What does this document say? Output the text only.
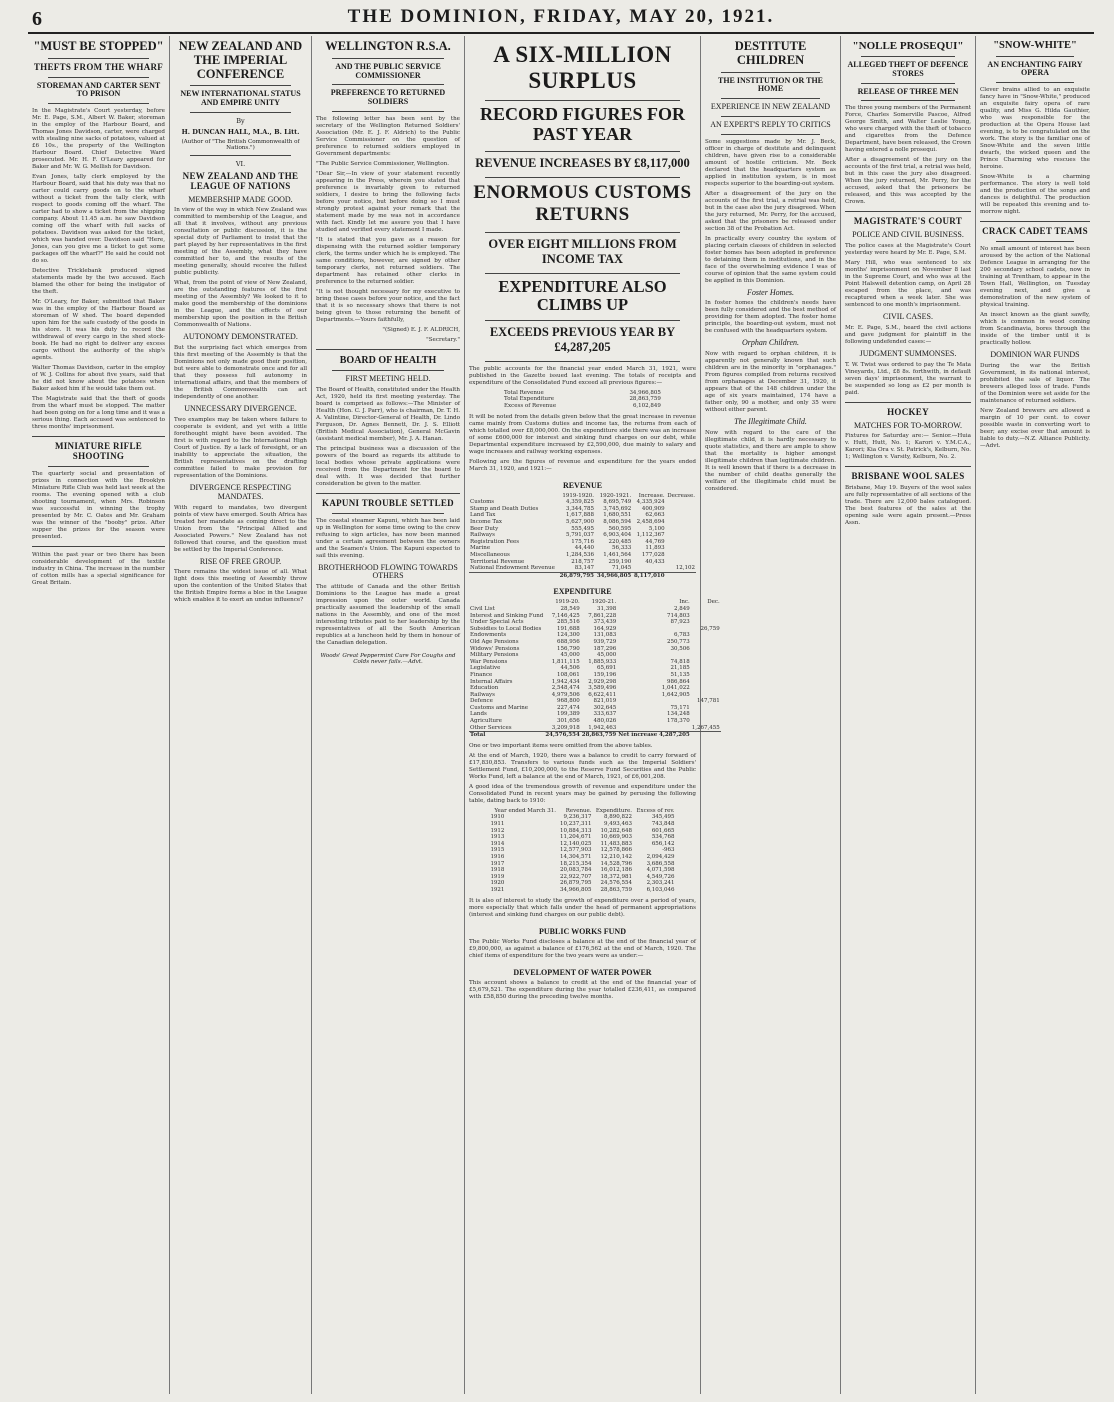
6	THE DOMINION, FRIDAY, MAY 20, 1921.
"MUST BE STOPPED"
THEFTS FROM THE WHARF
STOREMAN AND CARTER SENT TO PRISON

In the Magistrate's Court yesterday, before Mr. E. Page, S.M., Albert W. Baker, storeman in the employ of the Harbour Board, and Thomas Jones Davidson, carter, were charged with stealing nine sacks of potatoes, valued at £6 10s., the property of the Wellington Harbour Board. Chief Detective Ward prosecuted. Mr. H. F. O'Leary appeared for Baker and Mr. W. G. Mellish for Davidson.

Evan Jones, tally clerk employed by the Harbour Board, said that his duty was that no carter could carry goods on to the wharf without a ticket from the tally clerk, with respect to goods coming off the wharf. The carter had to show a ticket from the shipping company. About 11.45 a.m. he saw Davidson coming off the wharf with full sacks of potatoes. Davidson was asked for the ticket, which was handed over. Davidson said "Here, Jones, can you give me a ticket to get some packages off the wharf?" He said he could not do so.

Detective Tricklebank produced signed statements made by the two accused. Each blamed the other for being the instigator of the theft.

Mr. O'Leary, for Baker, submitted that Baker was in the employ of the Harbour Board as storeman of W shed. The board depended upon him for the safe custody of the goods in his store. It was his duty to record the withdrawal of every cargo in the shed stock-book. He had no right to deliver any excess cargo without the authority of the ship's agents.

Walter Thomas Davidson, carter in the employ of W. J. Collins for about five years, said that he did not know about the potatoes when Baker asked him if he would take them out.

The Magistrate said that the theft of goods from the wharf must be stopped. The matter had been going on for a long time and it was a serious thing. Each accused was sentenced to three months' imprisonment.

MINIATURE RIFLE SHOOTING

The quarterly social and presentation of prizes in connection with the Brooklyn Miniature Rifle Club was held last week at the rooms. The evening opened with a club shooting tournament, when Mrs. Robinson was successful in winning the trophy presented by Mr. C. Oates and Mr. Graham was the winner of the "booby" prize. After supper the prizes for the season were presented.

Within the past year or two there has been considerable development of the textile industry in China. The increase in the number of cotton mills has a special significance for Great Britain.

NEW ZEALAND AND THE IMPERIAL CONFERENCE
NEW INTERNATIONAL STATUS AND EMPIRE UNITY
By
H. DUNCAN HALL, M.A., B. Litt.
(Author of "The British Commonwealth of Nations.")
VI.
NEW ZEALAND AND THE LEAGUE OF NATIONS
MEMBERSHIP MADE GOOD.

In view of the way in which New Zealand was committed to membership of the League, and all that it involves, without any previous consultation or public discussion, it is the special duty of Parliament to insist that the part played by her representatives in the first meeting of the Assembly, what they have committed her to, and the results of the meeting generally, should receive the fullest public publicity.

What, from the point of view of New Zealand, are the outstanding features of the first meeting of the Assembly? We looked to it to make good the membership of the dominions in the League, and the effects of our membership upon the position in the British Commonwealth of Nations.

AUTONOMY DEMONSTRATED.

But the surprising fact which emerges from this first meeting of the Assembly is that the Dominions not only made good their position, but were able to demonstrate once and for all that they possess full autonomy in international affairs, and that the members of the British Commonwealth can act independently of one another.

UNNECESSARY DIVERGENCE.

Two examples may be taken where failure to cooperate is evident, and yet with a little forethought might have been avoided. The first is with regard to the International High Court of Justice. By a lack of foresight, or an inability to appreciate the situation, the British representatives on the drafting committee failed to make provision for representation of the Dominions.

DIVERGENCE RESPECTING MANDATES.

With regard to mandates, two divergent points of view have emerged. South Africa has treated her mandate as coming direct to the Union from the "Principal Allied and Associated Powers." New Zealand has not followed that course, and the question must be settled by the Imperial Conference.

RISE OF FREE GROUP.

There remains the widest issue of all. What light does this meeting of Assembly throw upon the contention of the United States that the British Empire forms a bloc in the League which enables it to exert an undue influence?

WELLINGTON R.S.A.
AND THE PUBLIC SERVICE COMMISSIONER
PREFERENCE TO RETURNED SOLDIERS

The following letter has been sent by the secretary of the Wellington Returned Soldiers' Association (Mr. E. J. F. Aldrich) to the Public Service Commissioner on the question of preference to returned soldiers employed in Government departments:

"The Public Service Commissioner, Wellington.

"Dear Sir,—In view of your statement recently appearing in the Press, wherein you stated that preference is invariably given to returned soldiers, I desire to bring the following facts before your notice, but before doing so I must strongly protest against your remark that the statement made by me was not in accordance with fact. Kindly let me assure you that I have studied and verified every statement I made.

"It is stated that you gave as a reason for dispensing with the returned soldier temporary clerk, the terms under which he is employed. The same conditions, however, are signed by other temporary clerks, not returned soldiers. The department has retained other clerks in preference to the returned soldier.

"It is not thought necessary for my executive to bring these cases before your notice, and the fact that it is so necessary shows that there is not being given to those returning the benefit of Departments.—Yours faithfully,

"(Signed) E. J. F. ALDRICH,

"Secretary."

BOARD OF HEALTH
FIRST MEETING HELD.

The Board of Health, constituted under the Health Act, 1920, held its first meeting yesterday. The board is comprised as follows:—The Minister of Health (Hon. C. J. Parr), who is chairman, Dr. T. H. A. Valintine, Director-General of Health, Dr. Lindo Ferguson, Dr. Agnes Bennett, Dr. J. S. Elliott (British Medical Association), General McGavin (assistant medical member), Mr. J. A. Hanan.

The principal business was a discussion of the powers of the board as regards its attitude to local bodies whose private applications were received from the Department for the board to deal with. It was decided that further consideration be given to the matter.

KAPUNI TROUBLE SETTLED

The coastal steamer Kapuni, which has been laid up in Wellington for some time owing to the crew refusing to sign articles, has now been manned under a certain agreement between the owners and the Seamen's Union. The Kapuni expected to sail this evening.

BROTHERHOOD FLOWING TOWARDS OTHERS

The attitude of Canada and the other British Dominions to the League has made a great impression upon the outer world. Canada practically assumed the leadership of the small nations in the Assembly, and one of the most interesting tributes paid to her leadership by the representatives of all the South American republics at a luncheon held by them in honour of the Canadian delegation.

Woods' Great Peppermint Cure For Coughs and Colds never fails.—Advt.
A SIX-MILLION SURPLUS
RECORD FIGURES FOR PAST YEAR
REVENUE INCREASES BY £8,117,000
ENORMOUS CUSTOMS RETURNS
OVER EIGHT MILLIONS FROM INCOME TAX
EXPENDITURE ALSO CLIMBS UP
EXCEEDS PREVIOUS YEAR BY £4,287,205

The public accounts for the financial year ended March 31, 1921, were published in the Gazette issued last evening. The totals of receipts and expenditure of the Consolidated Fund exceed all previous figures:—

Total Revenue	34,966,805
Total Expenditure	28,863,759
Excess of Revenue	6,102,849

It will be noted from the details given below that the great increase in revenue came mainly from Customs duties and income tax, the returns from each of which totalled over £8,000,000. On the expenditure side there was an increase of some £600,000 for interest and sinking fund charges on our debt, while Departmental expenditure increased by £2,590,000, due mainly to salary and wage increases and railway working expenses.

Following are the figures of revenue and expenditure for the years ended March 31, 1920, and 1921:—

REVENUE
	1919-1920.	1920-1921.	Increase.	Decrease.
Customs	4,359,825	8,695,749	4,335,924	
Stamp and Death Duties	3,344,785	3,745,692	400,909	
Land Tax	1,617,888	1,680,551	62,663	
Income Tax	5,627,900	8,086,594	2,458,694	
Beer Duty	555,495	560,595	5,100	
Railways	5,791,037	6,903,404	1,112,367	
Registration Fees	175,716	220,485	44,769	
Marine	44,440	56,333	11,893	
Miscellaneous	1,284,536	1,461,564	177,028	
Territorial Revenue	218,757	259,190	40,433	
National Endowment Revenue	83,147	71,045		12,102
	26,879,795	34,966,805	8,117,010	
EXPENDITURE
	1919-20.	1920-21.	Inc.	Dec.
Civil List	28,549	31,398	2,849	
Interest and Sinking Fund	7,146,425	7,861,228	714,803	
Under Special Acts	285,516	373,439	87,923	
Subsidies to Local Bodies	191,688	164,929		26,759
Endowments	124,300	131,083	6,783	
Old Age Pensions	688,956	939,729	250,773	
Widows' Pensions	156,790	187,296	30,506	
Military Pensions	45,000	45,000		
War Pensions	1,811,115	1,885,933	74,818	
Legislative	44,506	65,691	21,185	
Finance	108,061	159,196	51,135	
Internal Affairs	1,942,434	2,929,298	986,864	
Education	2,548,474	3,589,496	1,041,022	
Railways	4,979,506	6,622,411	1,642,905	
Defence	968,800	821,019		147,781
Customs and Marine	227,474	302,645	75,171	
Lands	199,389	333,637	134,248	
Agriculture	301,656	480,026	178,370	
Other Services	3,209,918	1,942,463		1,267,455
Total	24,576,554	28,863,759	Net increase 4,287,205	

One or two important items were omitted from the above tables.

At the end of March, 1920, there was a balance to credit to carry forward of £17,830,853. Transfers to various funds such as the Imperial Soldiers' Settlement Fund, £10,200,000, to the Reserve Fund Securities and the Public Works Fund, left a balance at the end of March, 1921, of £6,001,208.

A good idea of the tremendous growth of revenue and expenditure under the Consolidated Fund in recent years may be gained by perusing the following table, dating back to 1910:

Year ended March 31.	Revenue.	Expenditure.	Excess of rev.
1910	9,236,317	8,890,822	345,495
1911	10,237,311	9,493,463	743,848
1912	10,884,313	10,282,648	601,665
1913	11,204,671	10,669,903	534,768
1914	12,140,025	11,483,883	656,142
1915	12,577,903	12,578,866	-963
1916	14,304,571	12,210,142	2,094,429
1917	18,215,354	14,528,796	3,686,558
1918	20,083,784	16,012,186	4,071,598
1919	22,922,707	18,372,981	4,549,726
1920	26,879,795	24,576,554	2,303,241
1921	34,966,805	28,863,759	6,103,046

It is also of interest to study the growth of expenditure over a period of years, more especially that which falls under the head of permanent appropriations (interest and sinking fund charges on our public debt).

PUBLIC WORKS FUND

The Public Works Fund discloses a balance at the end of the financial year of £9,800,000, as against a balance of £176,562 at the end of March, 1920. The chief items of expenditure for the two years were as under:—

DEVELOPMENT OF WATER POWER

This account shows a balance to credit at the end of the financial year of £5,679,521. The expenditure during the year totalled £236,411, as compared with £58,850 during the preceding twelve months.

DESTITUTE CHILDREN
THE INSTITUTION OR THE HOME
EXPERIENCE IN NEW ZEALAND
AN EXPERT'S REPLY TO CRITICS

Some suggestions made by Mr. J. Beck, officer in charge of destitute and delinquent children, have given rise to a considerable amount of hostile criticism. Mr. Beck declared that the headquarters system as applied in institution system, is in most respects superior to the boarding-out system.

After a disagreement of the jury on the accounts of the first trial, a retrial was held, but in the case also the jury disagreed. When the jury returned, Mr. Perry, for the accused, asked that the prisoners be released under section 38 of the Probation Act.

In practically every country the system of placing certain classes of children in selected foster homes has been adopted in preference to detaining them in institutions, and in the face of the overwhelming evidence I was of course of opinion that the same system could be applied in this Dominion.

Foster Homes.

In foster homes the children's needs have been fully considered and the best method of providing for them adopted. The foster home principle, the boarding-out system, must not be confused with the headquarters system.

Orphan Children.

Now with regard to orphan children, it is apparently not generally known that such children are in the minority in "orphanages." From figures compiled from returns received from orphanages at December 31, 1920, it appears that of the 148 children under the age of six years maintained, 174 have a father only, 90 a mother, and only 35 were without either parent.

The Illegitimate Child.

Now with regard to the care of the illegitimate child, it is hardly necessary to quote statistics, and there are ample to show that the mortality is higher amongst illegitimate children than legitimate children. It is well known that if there is a decrease in the number of child deaths generally the welfare of the illegitimate child must be considered.

"NOLLE PROSEQUI"
ALLEGED THEFT OF DEFENCE STORES
RELEASE OF THREE MEN

The three young members of the Permanent Force, Charles Somerville Pascoe, Alfred George Smith, and Walter Leslie Young, who were charged with the theft of tobacco and cigarettes from the Defence Department, have been released, the Crown having entered a nolle prosequi.

After a disagreement of the jury on the accounts of the first trial, a retrial was held, but in this case the jury also disagreed. When the jury returned, Mr. Perry, for the accused, asked that the prisoners be released, and this was accepted by the Crown.

MAGISTRATE'S COURT
POLICE AND CIVIL BUSINESS.

The police cases at the Magistrate's Court yesterday were heard by Mr. E. Page, S.M.

Mary Hill, who was sentenced to six months' imprisonment on November 8 last in the Supreme Court, and who was at the Point Halswell detention camp, on April 28 escaped from the place, and was recaptured when a week later. She was sentenced to one month's imprisonment.

CIVIL CASES.

Mr. E. Page, S.M., heard the civil actions and gave judgment for plaintiff in the following undefended cases:—

JUDGMENT SUMMONSES.

T. W. Twist was ordered to pay the Te Mata Vineyards, Ltd., £8 8s. forthwith, in default seven days' imprisonment, the warrant to be suspended so long as £2 per month is paid.

HOCKEY
MATCHES FOR TO-MORROW.

Fixtures for Saturday are:— Senior.—Huia v. Hutt, Hutt, No. 1; Karori v. Y.M.C.A., Karori; Kia Ora v. St. Patrick's, Kelburn, No. 1; Wellington v. Varsity, Kelburn, No. 2.

BRISBANE WOOL SALES

Brisbane, May 19. Buyers of the wool sales are fully representative of all sections of the trade. There are 12,000 bales catalogued. The best features of the sales at the opening sale were again present.—Press Assn.

"SNOW-WHITE"
AN ENCHANTING FAIRY OPERA

Clever brains allied to an exquisite fancy have in "Snow-White," produced an exquisite fairy opera of rare quality, and Miss G. Hilda Gauthier, who was responsible for the production at the Opera House last evening, is to be congratulated on the work. The story is the familiar one of Snow-White and the seven little dwarfs, the wicked queen and the Prince Charming who rescues the heroine.

Snow-White is a charming performance. The story is well told and the production of the songs and dances is delightful. The production will be repeated this evening and to-morrow night.

CRACK CADET TEAMS

No small amount of interest has been aroused by the action of the National Defence League in arranging for the 200 secondary school cadets, now in training at Trentham, to appear in the Town Hall, Wellington, on Tuesday evening next, and give a demonstration of the new system of physical training.

An insect known as the giant sawfly, which is common in wood coming from Scandinavia, bores through the inside of the timber until it is practically hollow.

DOMINION WAR FUNDS

During the war the British Government, in its national interest, prohibited the sale of liquor. The brewers alleged loss of trade. Funds of the Dominion were set aside for the maintenance of returned soldiers.

New Zealand brewers are allowed a margin of 10 per cent. to cover possible waste in converting wort to beer; any excise over that amount is liable to duty.—N.Z. Alliance Publicity.—Advt.
